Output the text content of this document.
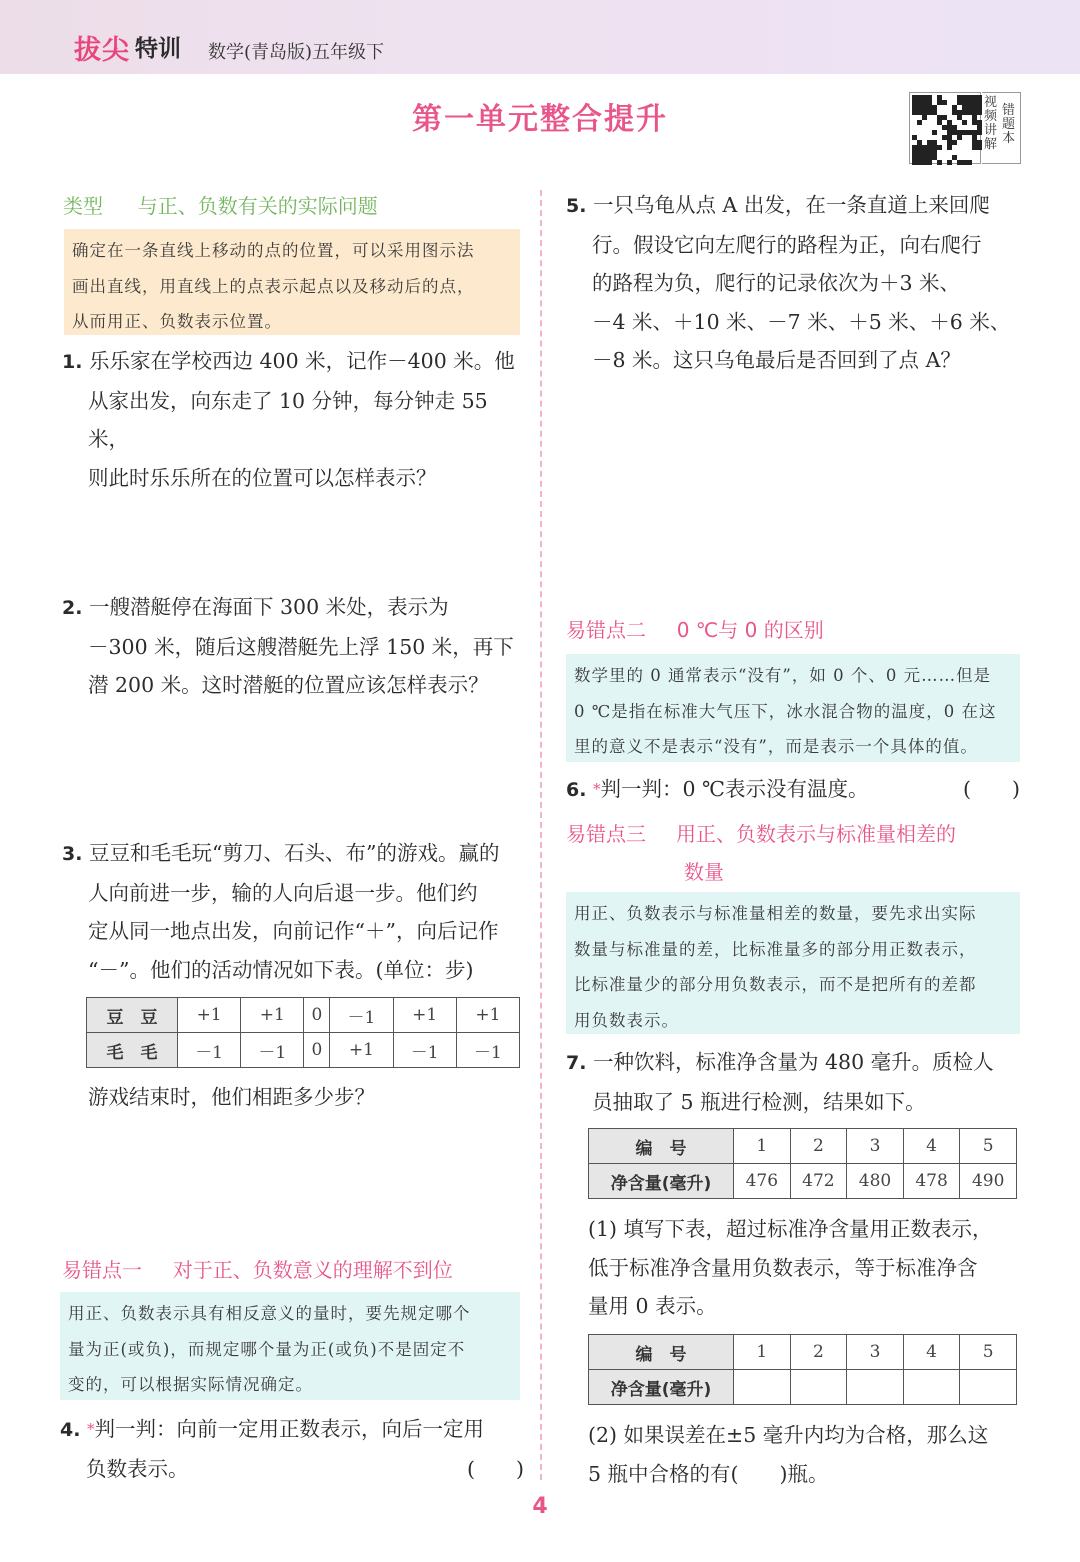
拔尖 特训 数学(青岛版)五年级下
第一单元整合提升	视频讲解
错题本
类型 与正、负数有关的实际问题
确定在一条直线上移动的点的位置，可以采用图示法
画出直线，用直线上的点表示起点以及移动后的点，
从而用正、负数表示位置。
1. 乐乐家在学校西边 400 米，记作－400 米。他
从家出发，向东走了 10 分钟，每分钟走 55 米，
则此时乐乐所在的位置可以怎样表示？
2. 一艘潜艇停在海面下 300 米处，表示为
－300 米，随后这艘潜艇先上浮 150 米，再下
潜 200 米。这时潜艇的位置应该怎样表示？
3. 豆豆和毛毛玩“剪刀、石头、布”的游戏。赢的
人向前进一步，输的人向后退一步。他们约
定从同一地点出发，向前记作“＋”，向后记作
“－”。他们的活动情况如下表。(单位：步)
豆　豆	+1	+1	0	－1	+1	+1
毛　毛	－1	－1	0	+1	－1	－1
游戏结束时，他们相距多少步？
易错点一 对于正、负数意义的理解不到位
用正、负数表示具有相反意义的量时，要先规定哪个
量为正(或负)，而规定哪个量为正(或负)不是固定不
变的，可以根据实际情况确定。
4. *判一判：向前一定用正数表示，向后一定用
负数表示。	(　　)
5. 一只乌龟从点 A 出发，在一条直道上来回爬
行。假设它向左爬行的路程为正，向右爬行
的路程为负，爬行的记录依次为＋3 米、
－4 米、＋10 米、－7 米、＋5 米、＋6 米、
－8 米。这只乌龟最后是否回到了点 A？
易错点二 0 ℃与 0 的区别
数学里的 0 通常表示“没有”，如 0 个、0 元……但是
0 ℃是指在标准大气压下，冰水混合物的温度，0 在这
里的意义不是表示“没有”，而是表示一个具体的值。
6. *判一判：0 ℃表示没有温度。	(　　)
易错点三 用正、负数表示与标准量相差的
数量
用正、负数表示与标准量相差的数量，要先求出实际
数量与标准量的差，比标准量多的部分用正数表示，
比标准量少的部分用负数表示，而不是把所有的差都
用负数表示。
7. 一种饮料，标准净含量为 480 毫升。质检人
员抽取了 5 瓶进行检测，结果如下。
编　号	1	2	3	4	5
净含量(毫升)	476	472	480	478	490
(1) 填写下表，超过标准净含量用正数表示，
低于标准净含量用负数表示，等于标准净含
量用 0 表示。
编　号	1	2	3	4	5
净含量(毫升)					
(2) 如果误差在±5 毫升内均为合格，那么这
5 瓶中合格的有(　　)瓶。
4
